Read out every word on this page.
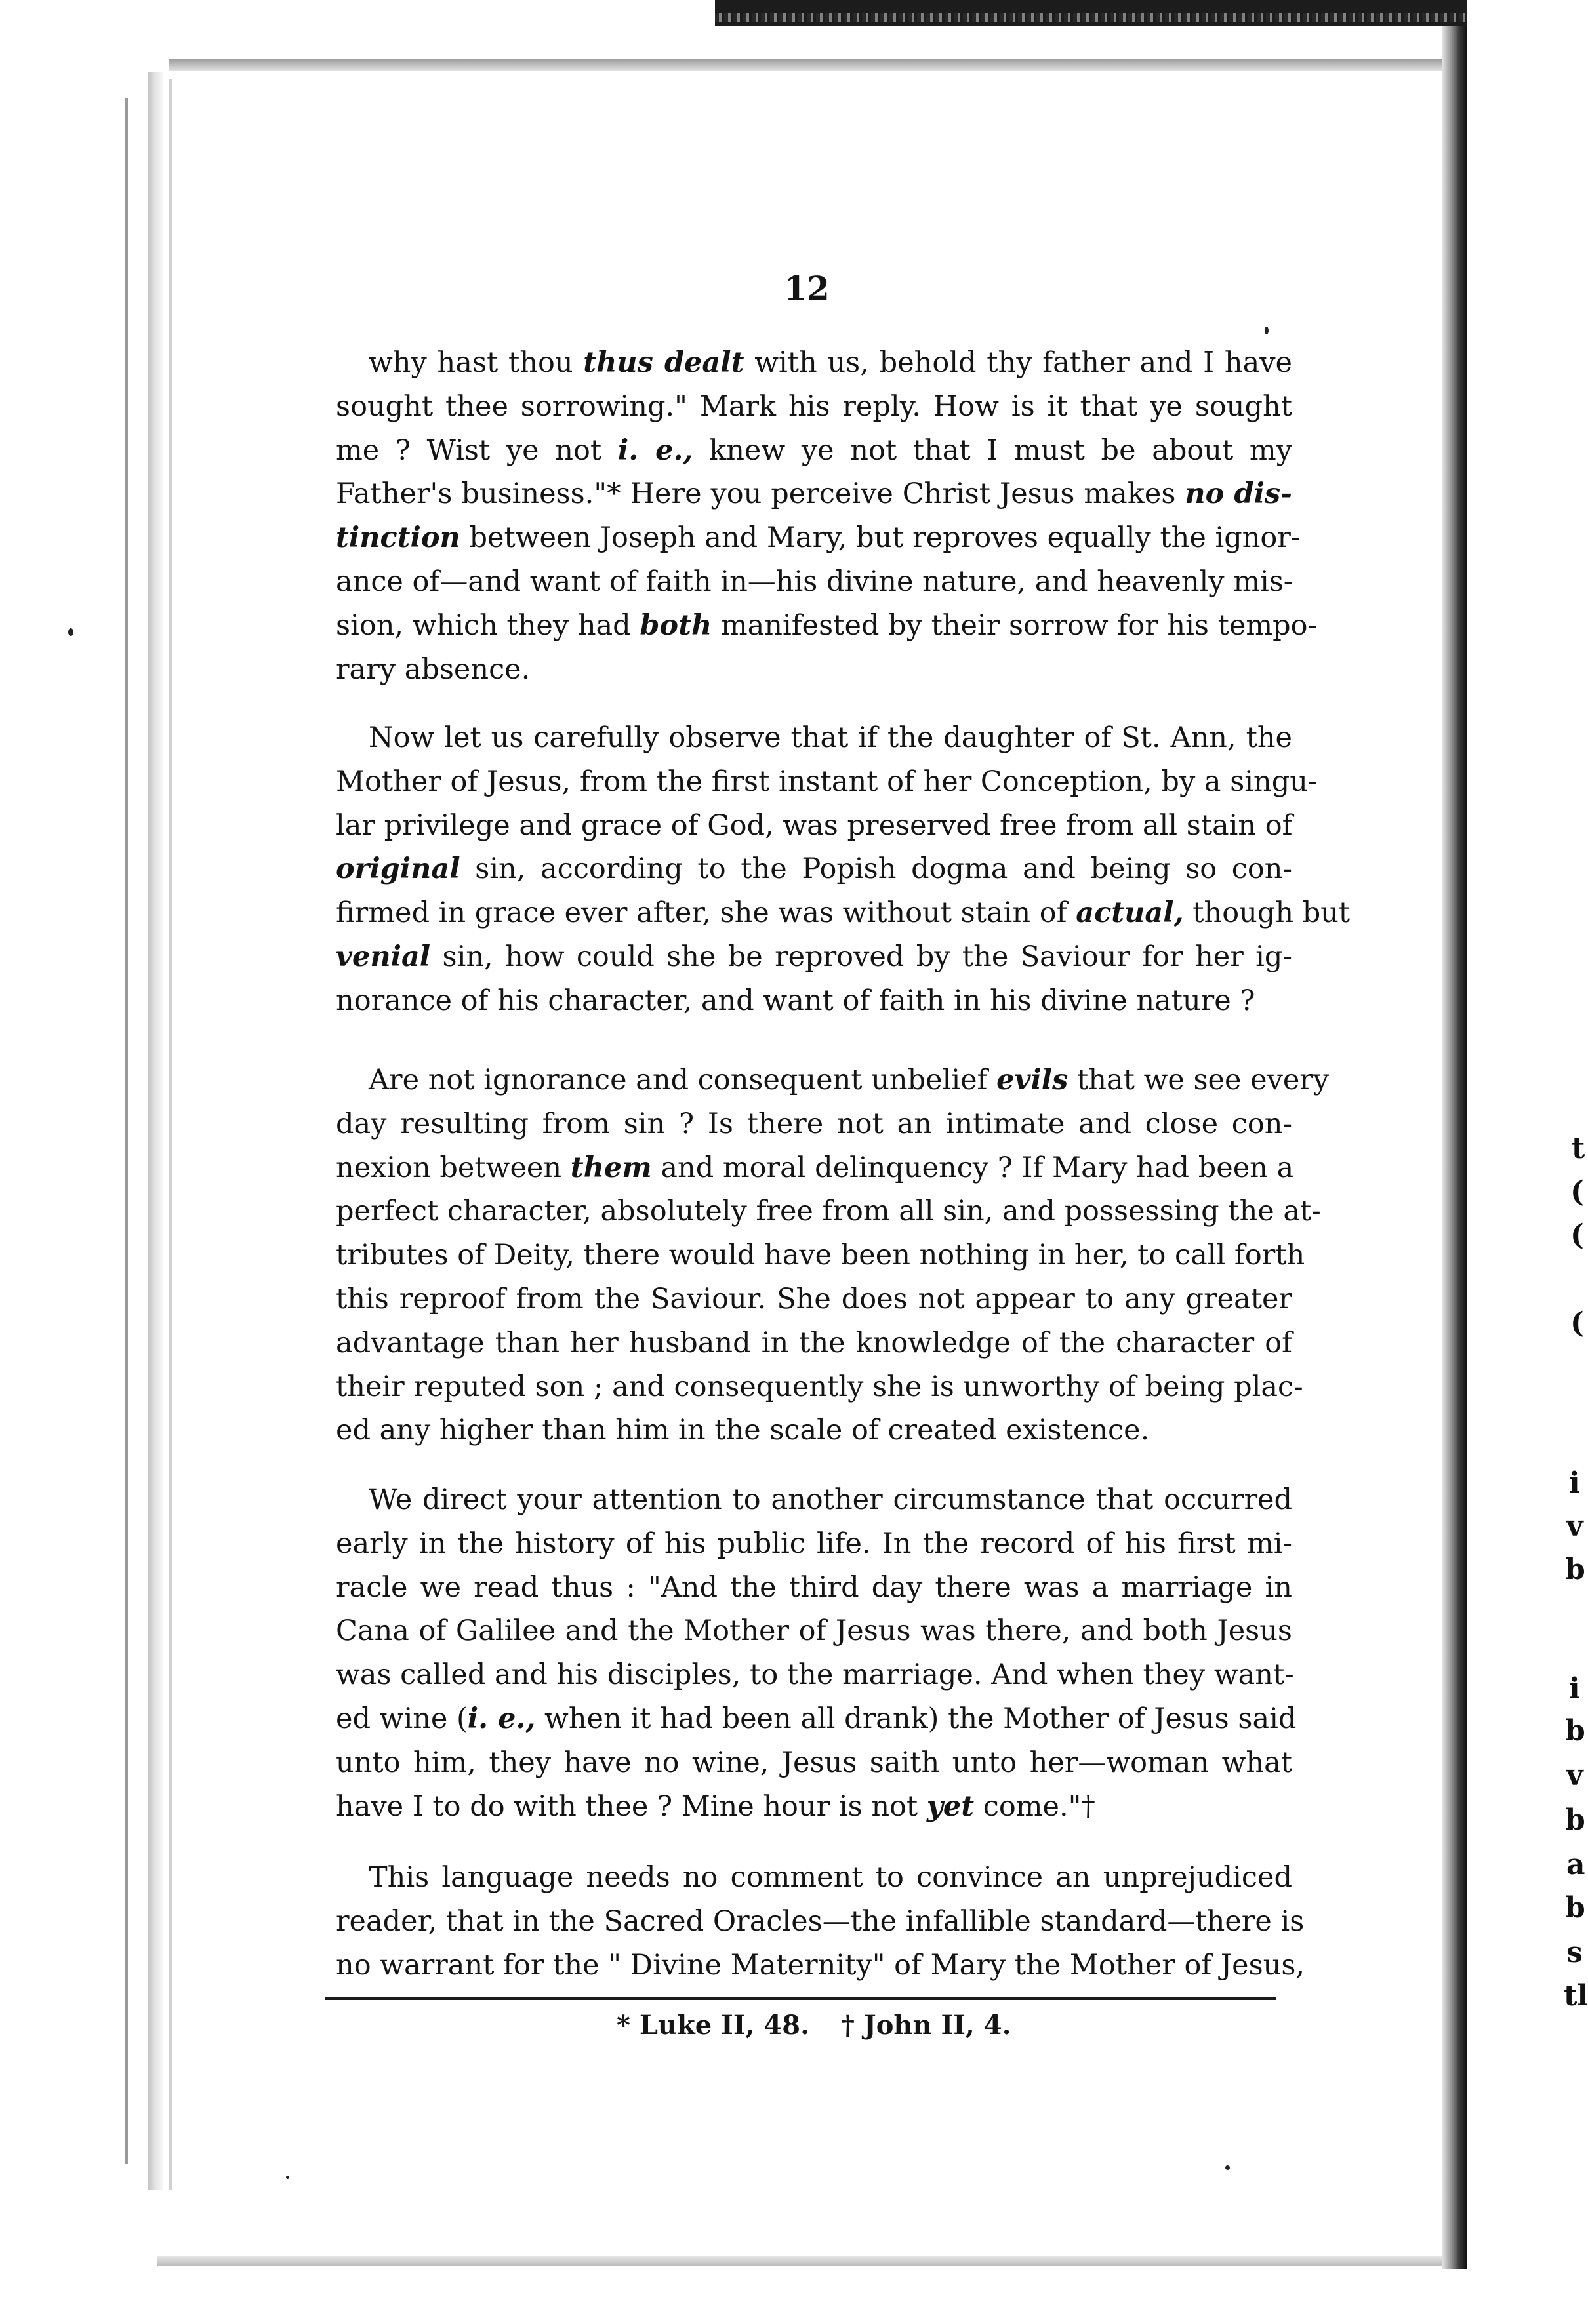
12
why hast thou thus dealt with us, behold thy father and I have
sought thee sorrowing." Mark his reply. How is it that ye sought
me ? Wist ye not i. e., knew ye not that I must be about my
Father's business."* Here you perceive Christ Jesus makes no dis-
tinction between Joseph and Mary, but reproves equally the ignor-
ance of—and want of faith in—his divine nature, and heavenly mis-
sion, which they had both manifested by their sorrow for his tempo-
rary absence.
Now let us carefully observe that if the daughter of St. Ann, the
Mother of Jesus, from the first instant of her Conception, by a singu-
lar privilege and grace of God, was preserved free from all stain of
original sin, according to the Popish dogma and being so con-
firmed in grace ever after, she was without stain of actual, though but
venial sin, how could she be reproved by the Saviour for her ig-
norance of his character, and want of faith in his divine nature ?
Are not ignorance and consequent unbelief evils that we see every
day resulting from sin ? Is there not an intimate and close con-
nexion between them and moral delinquency ? If Mary had been a
perfect character, absolutely free from all sin, and possessing the at-
tributes of Deity, there would have been nothing in her, to call forth
this reproof from the Saviour. She does not appear to any greater
advantage than her husband in the knowledge of the character of
their reputed son ; and consequently she is unworthy of being plac-
ed any higher than him in the scale of created existence.
We direct your attention to another circumstance that occurred
early in the history of his public life. In the record of his first mi-
racle we read thus : "And the third day there was a marriage in
Cana of Galilee and the Mother of Jesus was there, and both Jesus
was called and his disciples, to the marriage. And when they want-
ed wine (i. e., when it had been all drank) the Mother of Jesus said
unto him, they have no wine, Jesus saith unto her—woman what
have I to do with thee ? Mine hour is not yet come."†
This language needs no comment to convince an unprejudiced
reader, that in the Sacred Oracles—the infallible standard—there is
no warrant for the " Divine Maternity" of Mary the Mother of Jesus,
* Luke II, 48. † John II, 4.
t
(
(
(
i
v
b
i
b
v
b
a
b
s
tl
